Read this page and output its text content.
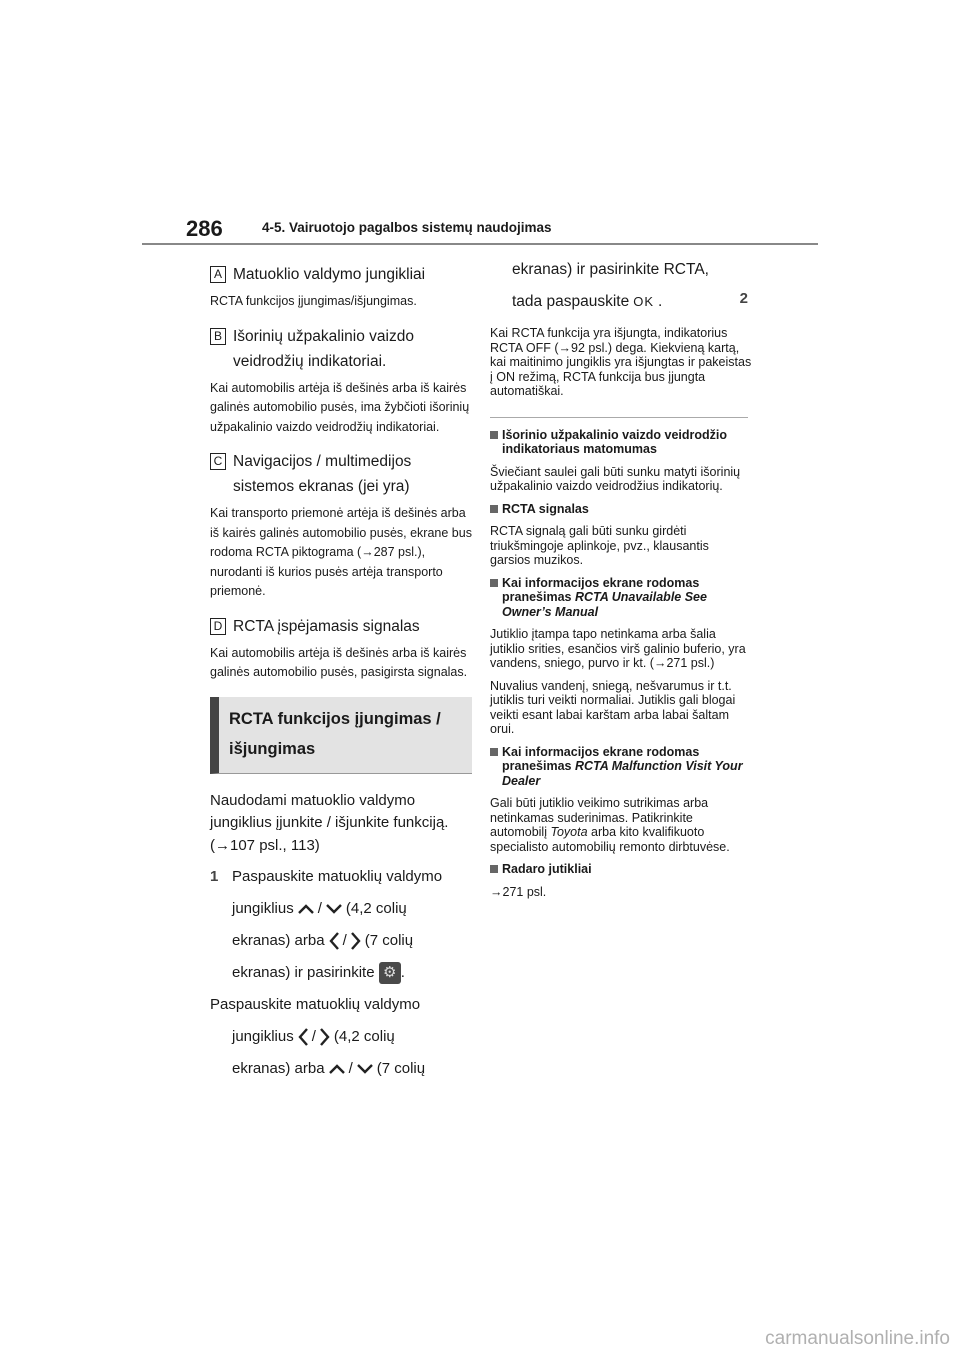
286	4-5. Vairuotojo pagalbos sistemų naudojimas
2
A Matuoklio valdymo jungikliai
RCTA funkcijos įjungimas/išjungimas.
B Išorinių užpakalinio vaizdo veidrodžių indikatoriai.
Kai automobilis artėja iš dešinės arba iš kairės galinės automobilio pusės, ima žybčioti išorinių užpakalinio vaizdo veidrodžių indikatoriai.
C Navigacijos / multimedijos sistemos ekranas (jei yra)
Kai transporto priemonė artėja iš dešinės arba iš kairės galinės automobilio pusės, ekrane bus rodoma RCTA piktograma (→287 psl.), nurodanti iš kurios pusės artėja transporto priemonė.
D RCTA įspėjamasis signalas
Kai automobilis artėja iš dešinės arba iš kairės galinės automobilio pusės, pasigirsta signalas.
RCTA funkcijos įjungimas / išjungimas
Naudodami matuoklio valdymo jungiklius įjunkite / išjunkite funkciją. (→107 psl., 113)
1 Paspauskite matuoklių valdymo
jungiklius / (4,2 colių
ekranas) arba / (7 colių
ekranas) ir pasirinkite ⚙ .
Paspauskite matuoklių valdymo
jungiklius / (4,2 colių
ekranas) arba / (7 colių
ekranas) ir pasirinkite RCTA,
tada paspauskite OK .
Kai RCTA funkcija yra išjungta, indikatorius RCTA OFF (→92 psl.) dega. Kiekvieną kartą, kai maitinimo jungiklis yra išjungtas ir pakeistas į ON režimą, RCTA funkcija bus įjungta automatiškai.
Išorinio užpakalinio vaizdo veidrodžio indikatoriaus matomumas
Šviečiant saulei gali būti sunku matyti išorinių užpakalinio vaizdo veidrodžius indikatorių.
RCTA signalas
RCTA signalą gali būti sunku girdėti triukšmingoje aplinkoje, pvz., klausantis garsios muzikos.
Kai informacijos ekrane rodomas pranešimas RCTA Unavailable See Owner’s Manual
Jutiklio įtampa tapo netinkama arba šalia jutiklio srities, esančios virš galinio buferio, yra vandens, sniego, purvo ir kt. (→271 psl.)
Nuvalius vandenį, sniegą, nešvarumus ir t.t. jutiklis turi veikti normaliai. Jutiklis gali blogai veikti esant labai karštam arba labai šaltam orui.
Kai informacijos ekrane rodomas pranešimas RCTA Malfunction Visit Your Dealer
Gali būti jutiklio veikimo sutrikimas arba netinkamas suderinimas. Patikrinkite automobilį Toyota arba kito kvalifikuoto specialisto automobilių remonto dirbtuvėse.
Radaro jutikliai
→271 psl.
carmanualsonline.info
